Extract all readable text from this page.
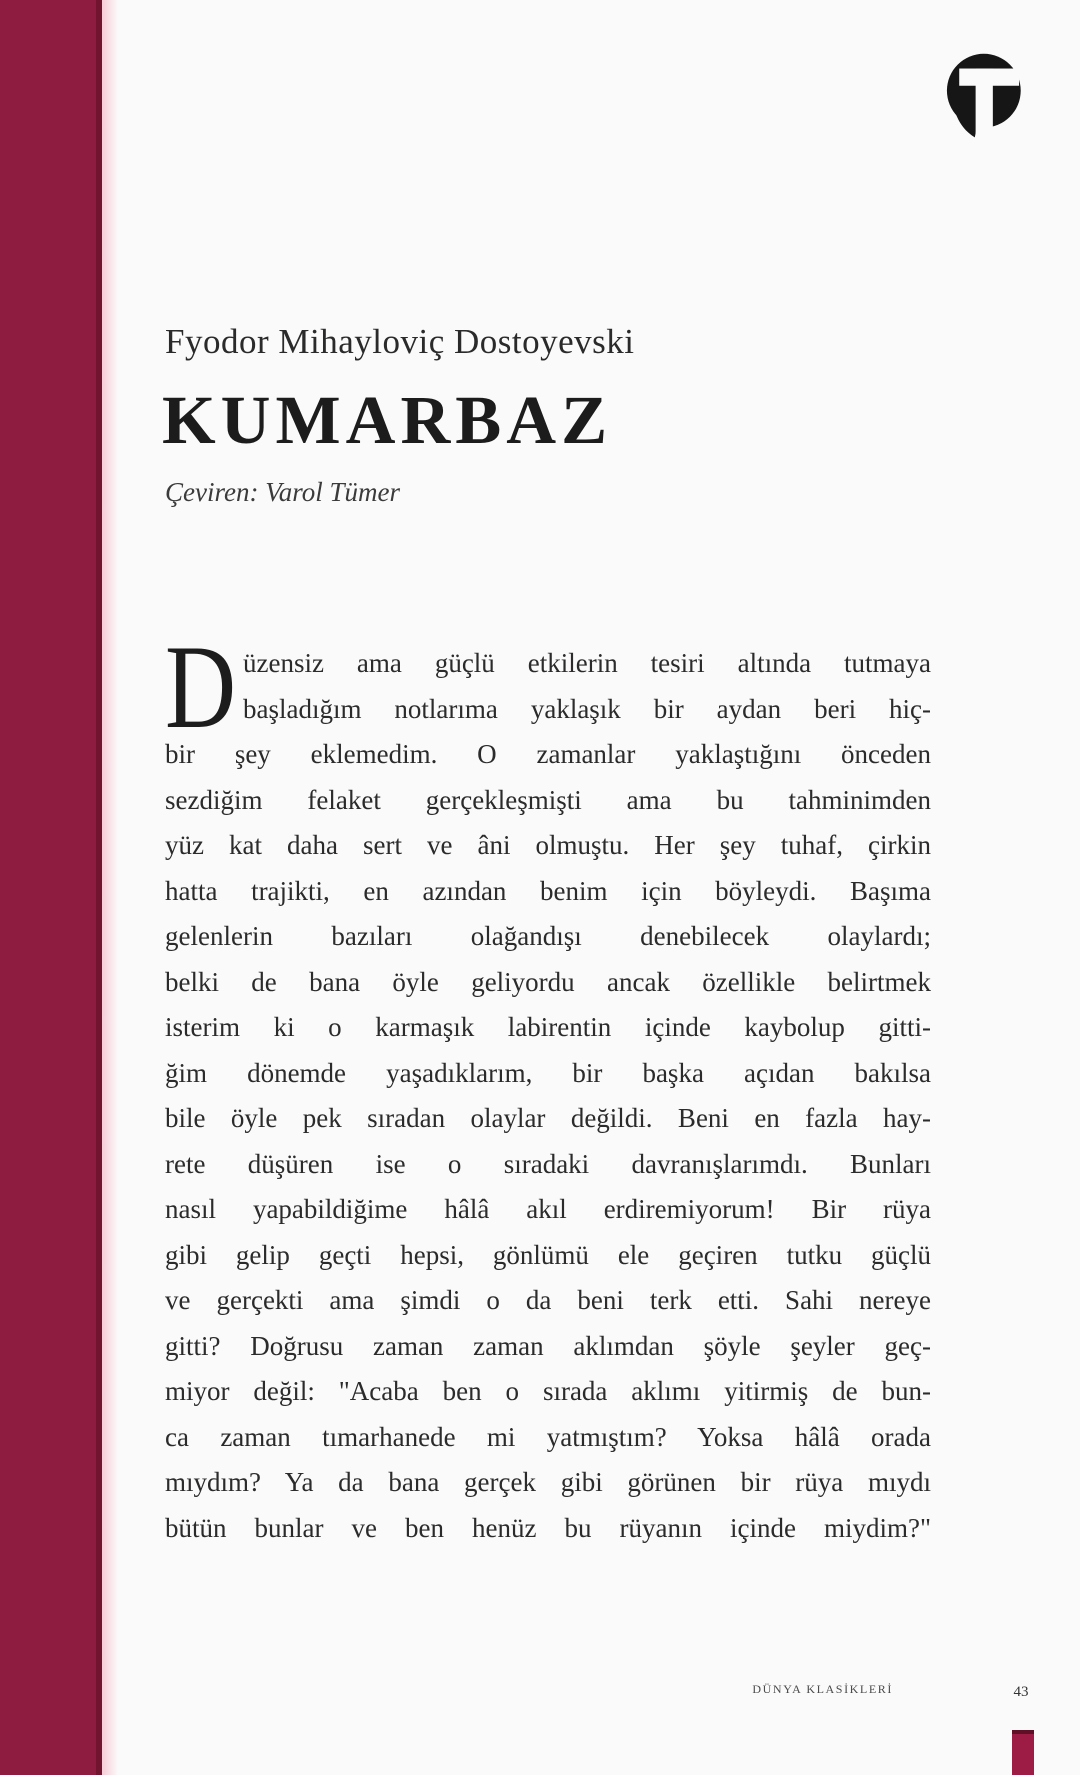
Fyodor Mihayloviç Dostoyevski
KUMARBAZ
Çeviren: Varol Tümer
D üzensiz ama güçlü etkilerin tesiri altında tutmaya
başladığım notlarıma yaklaşık bir aydan beri hiç-
bir şey eklemedim. O zamanlar yaklaştığını önceden
sezdiğim felaket gerçekleşmişti ama bu tahminimden
yüz kat daha sert ve âni olmuştu. Her şey tuhaf, çirkin
hatta trajikti, en azından benim için böyleydi. Başıma
gelenlerin bazıları olağandışı denebilecek olaylardı;
belki de bana öyle geliyordu ancak özellikle belirtmek
isterim ki o karmaşık labirentin içinde kaybolup gitti-
ğim dönemde yaşadıklarım, bir başka açıdan bakılsa
bile öyle pek sıradan olaylar değildi. Beni en fazla hay-
rete düşüren ise o sıradaki davranışlarımdı. Bunları
nasıl yapabildiğime hâlâ akıl erdiremiyorum! Bir rüya
gibi gelip geçti hepsi, gönlümü ele geçiren tutku güçlü
ve gerçekti ama şimdi o da beni terk etti. Sahi nereye
gitti? Doğrusu zaman zaman aklımdan şöyle şeyler geç-
miyor değil: "Acaba ben o sırada aklımı yitirmiş de bun-
ca zaman tımarhanede mi yatmıştım? Yoksa hâlâ orada
mıydım? Ya da bana gerçek gibi görünen bir rüya mıydı
bütün bunlar ve ben henüz bu rüyanın içinde miydim?"
DÜNYA KLASİKLERİ	43
